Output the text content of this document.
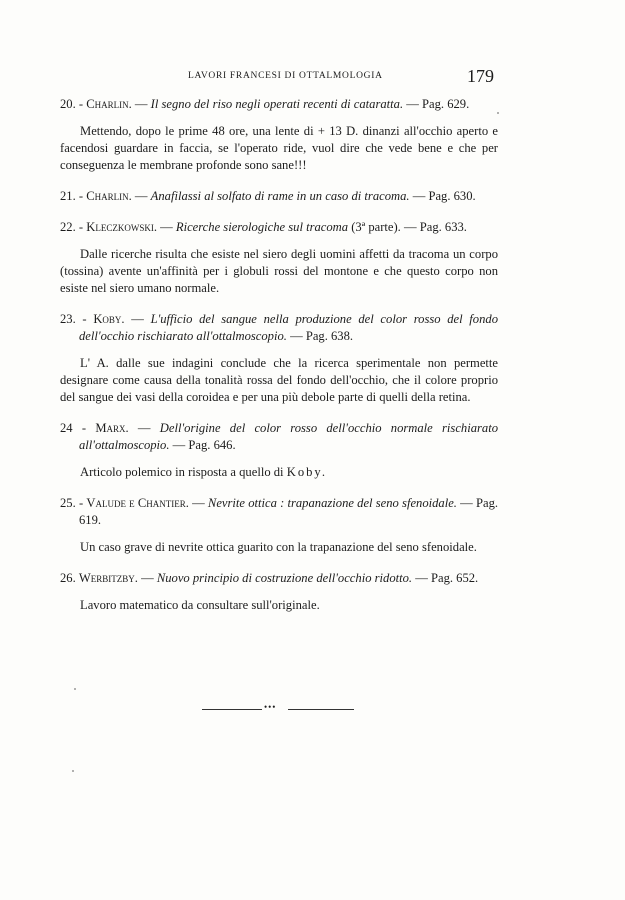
LAVORI FRANCESI DI OTTALMOLOGIA	179
20. - Charlin. — Il segno del riso negli operati recenti di cataratta. — Pag. 629.
Mettendo, dopo le prime 48 ore, una lente di + 13 D. dinanzi all'occhio aperto e facendosi guardare in faccia, se l'operato ride, vuol dire che vede bene e che per conseguenza le membrane profonde sono sane!!!
21. - Charlin. — Anafilassi al solfato di rame in un caso di tracoma. — Pag. 630.
22. - Kleczkowski. — Ricerche sierologiche sul tracoma (3ª parte). — Pag. 633.
Dalle ricerche risulta che esiste nel siero degli uomini affetti da tracoma un corpo (tossina) avente un'affinità per i globuli rossi del montone e che questo corpo non esiste nel siero umano normale.
23. - Koby. — L'ufficio del sangue nella produzione del color rosso del fondo dell'occhio rischiarato all'ottalmoscopio. — Pag. 638.
L' A. dalle sue indagini conclude che la ricerca sperimentale non permette designare come causa della tonalità rossa del fondo dell'occhio, che il colore proprio del sangue dei vasi della coroidea e per una più debole parte di quelli della retina.
24 - Marx. — Dell'origine del color rosso dell'occhio normale rischiarato all'ottalmoscopio. — Pag. 646.
Articolo polemico in risposta a quello di Koby.
25. - Valude e Chantier. — Nevrite ottica : trapanazione del seno sfenoidale. — Pag. 619.
Un caso grave di nevrite ottica guarito con la trapanazione del seno sfenoidale.
26. Werbitzby. — Nuovo principio di costruzione dell'occhio ridotto. — Pag. 652.
Lavoro matematico da consultare sull'originale.
•••
